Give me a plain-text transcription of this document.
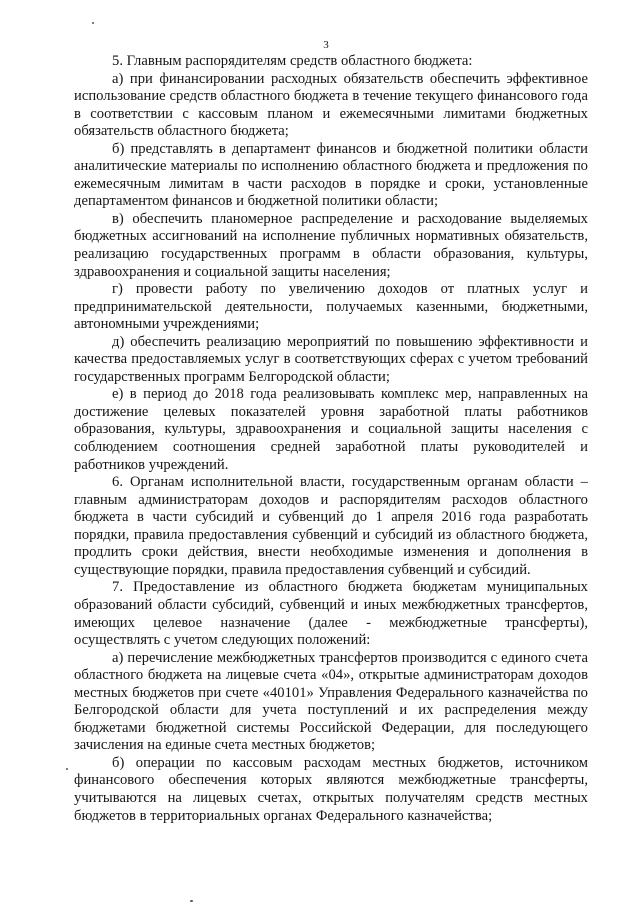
3

5. Главным распорядителям средств областного бюджета:

а) при финансировании расходных обязательств обеспечить эффективное использование средств областного бюджета в течение текущего финансового года в соответствии с кассовым планом и ежемесячными лимитами бюджетных обязательств областного бюджета;

б) представлять в департамент финансов и бюджетной политики области аналитические материалы по исполнению областного бюджета и предложения по ежемесячным лимитам в части расходов в порядке и сроки, установленные департаментом финансов и бюджетной политики области;

в) обеспечить планомерное распределение и расходование выделяемых бюджетных ассигнований на исполнение публичных нормативных обязательств, реализацию государственных программ в области образования, культуры, здравоохранения и социальной защиты населения;

г) провести работу по увеличению доходов от платных услуг и предпринимательской деятельности, получаемых казенными, бюджетными, автономными учреждениями;

д) обеспечить реализацию мероприятий по повышению эффективности и качества предоставляемых услуг в соответствующих сферах с учетом требований государственных программ Белгородской области;

е) в период до 2018 года реализовывать комплекс мер, направленных на достижение целевых показателей уровня заработной платы работников образования, культуры, здравоохранения и социальной защиты населения с соблюдением соотношения средней заработной платы руководителей и работников учреждений.

6. Органам исполнительной власти, государственным органам области – главным администраторам доходов и распорядителям расходов областного бюджета в части субсидий и субвенций до 1 апреля 2016 года разработать порядки, правила предоставления субвенций и субсидий из областного бюджета, продлить сроки действия, внести необходимые изменения и дополнения в существующие порядки, правила предоставления субвенций и субсидий.

7. Предоставление из областного бюджета бюджетам муниципальных образований области субсидий, субвенций и иных межбюджетных трансфертов, имеющих целевое назначение (далее - межбюджетные трансферты), осуществлять с учетом следующих положений:

а) перечисление межбюджетных трансфертов производится с единого счета областного бюджета на лицевые счета «04», открытые администраторам доходов местных бюджетов при счете «40101» Управления Федерального казначейства по Белгородской области для учета поступлений и их распределения между бюджетами бюджетной системы Российской Федерации, для последующего зачисления на единые счета местных бюджетов;

б) операции по кассовым расходам местных бюджетов, источником финансового обеспечения которых являются межбюджетные трансферты, учитываются на лицевых счетах, открытых получателям средств местных бюджетов в территориальных органах Федерального казначейства;
